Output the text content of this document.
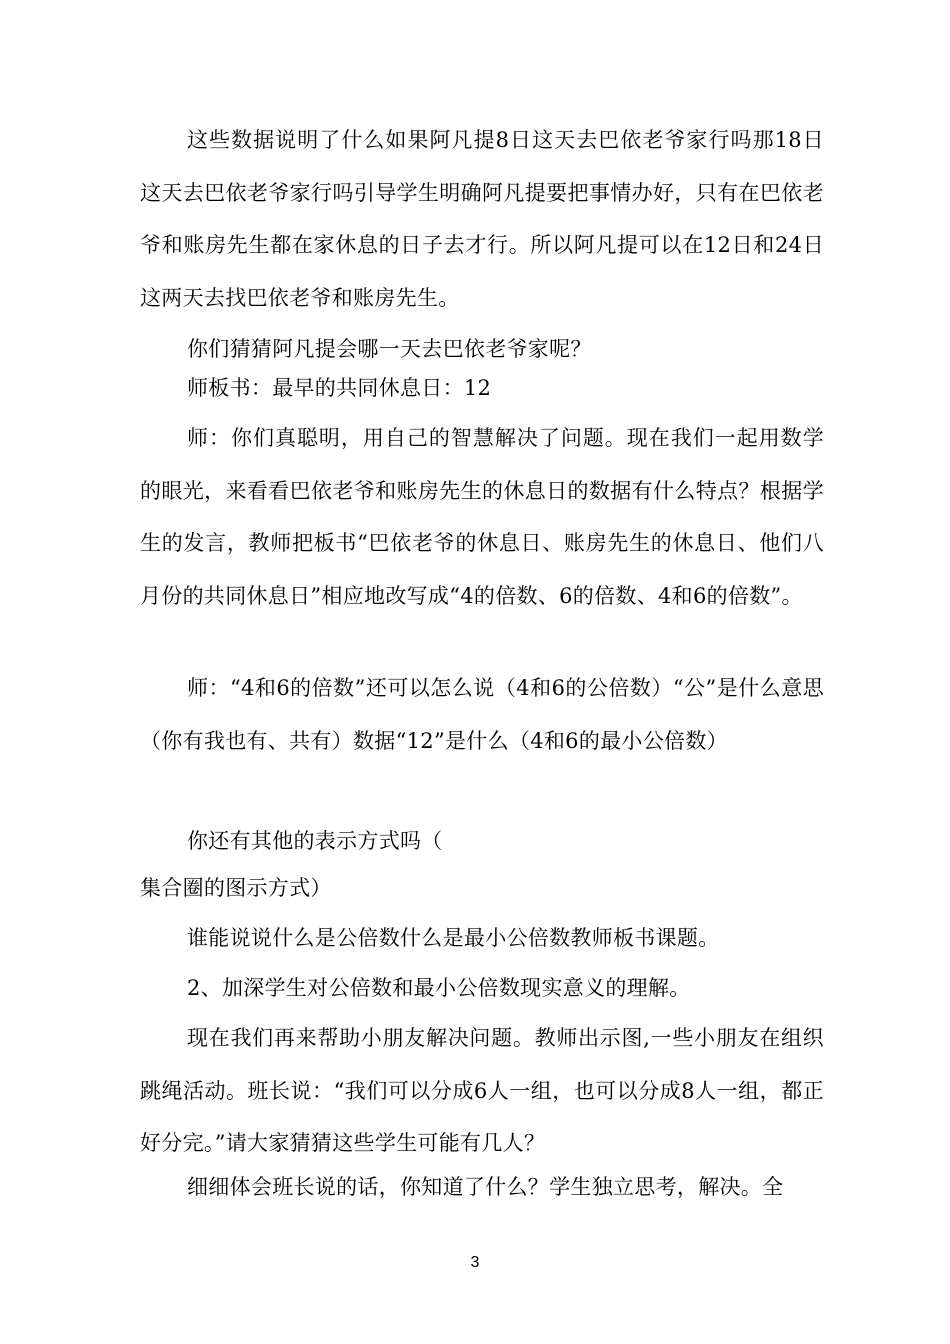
这些数据说明了什么如果阿凡提8日这天去巴依老爷家行吗那18日这天去巴依老爷家行吗引导学生明确阿凡提要把事情办好，只有在巴依老爷和账房先生都在家休息的日子去才行。所以阿凡提可以在12日和24日这两天去找巴依老爷和账房先生。

你们猜猜阿凡提会哪一天去巴依老爷家呢？

师板书：最早的共同休息日：12

师：你们真聪明，用自己的智慧解决了问题。现在我们一起用数学的眼光，来看看巴依老爷和账房先生的休息日的数据有什么特点？根据学生的发言，教师把板书“巴依老爷的休息日、账房先生的休息日、他们八月份的共同休息日”相应地改写成“4的倍数、6的倍数、4和6的倍数”。

师：“4和6的倍数”还可以怎么说（4和6的公倍数）“公”是什么意思（你有我也有、共有）数据“12”是什么（4和6的最小公倍数）

你还有其他的表示方式吗（

集合圈的图示方式）

谁能说说什么是公倍数什么是最小公倍数教师板书课题。

2、加深学生对公倍数和最小公倍数现实意义的理解。

现在我们再来帮助小朋友解决问题。教师出示图,一些小朋友在组织跳绳活动。班长说：“我们可以分成6人一组，也可以分成8人一组，都正好分完。”请大家猜猜这些学生可能有几人？

细细体会班长说的话，你知道了什么？学生独立思考，解决。全

3
